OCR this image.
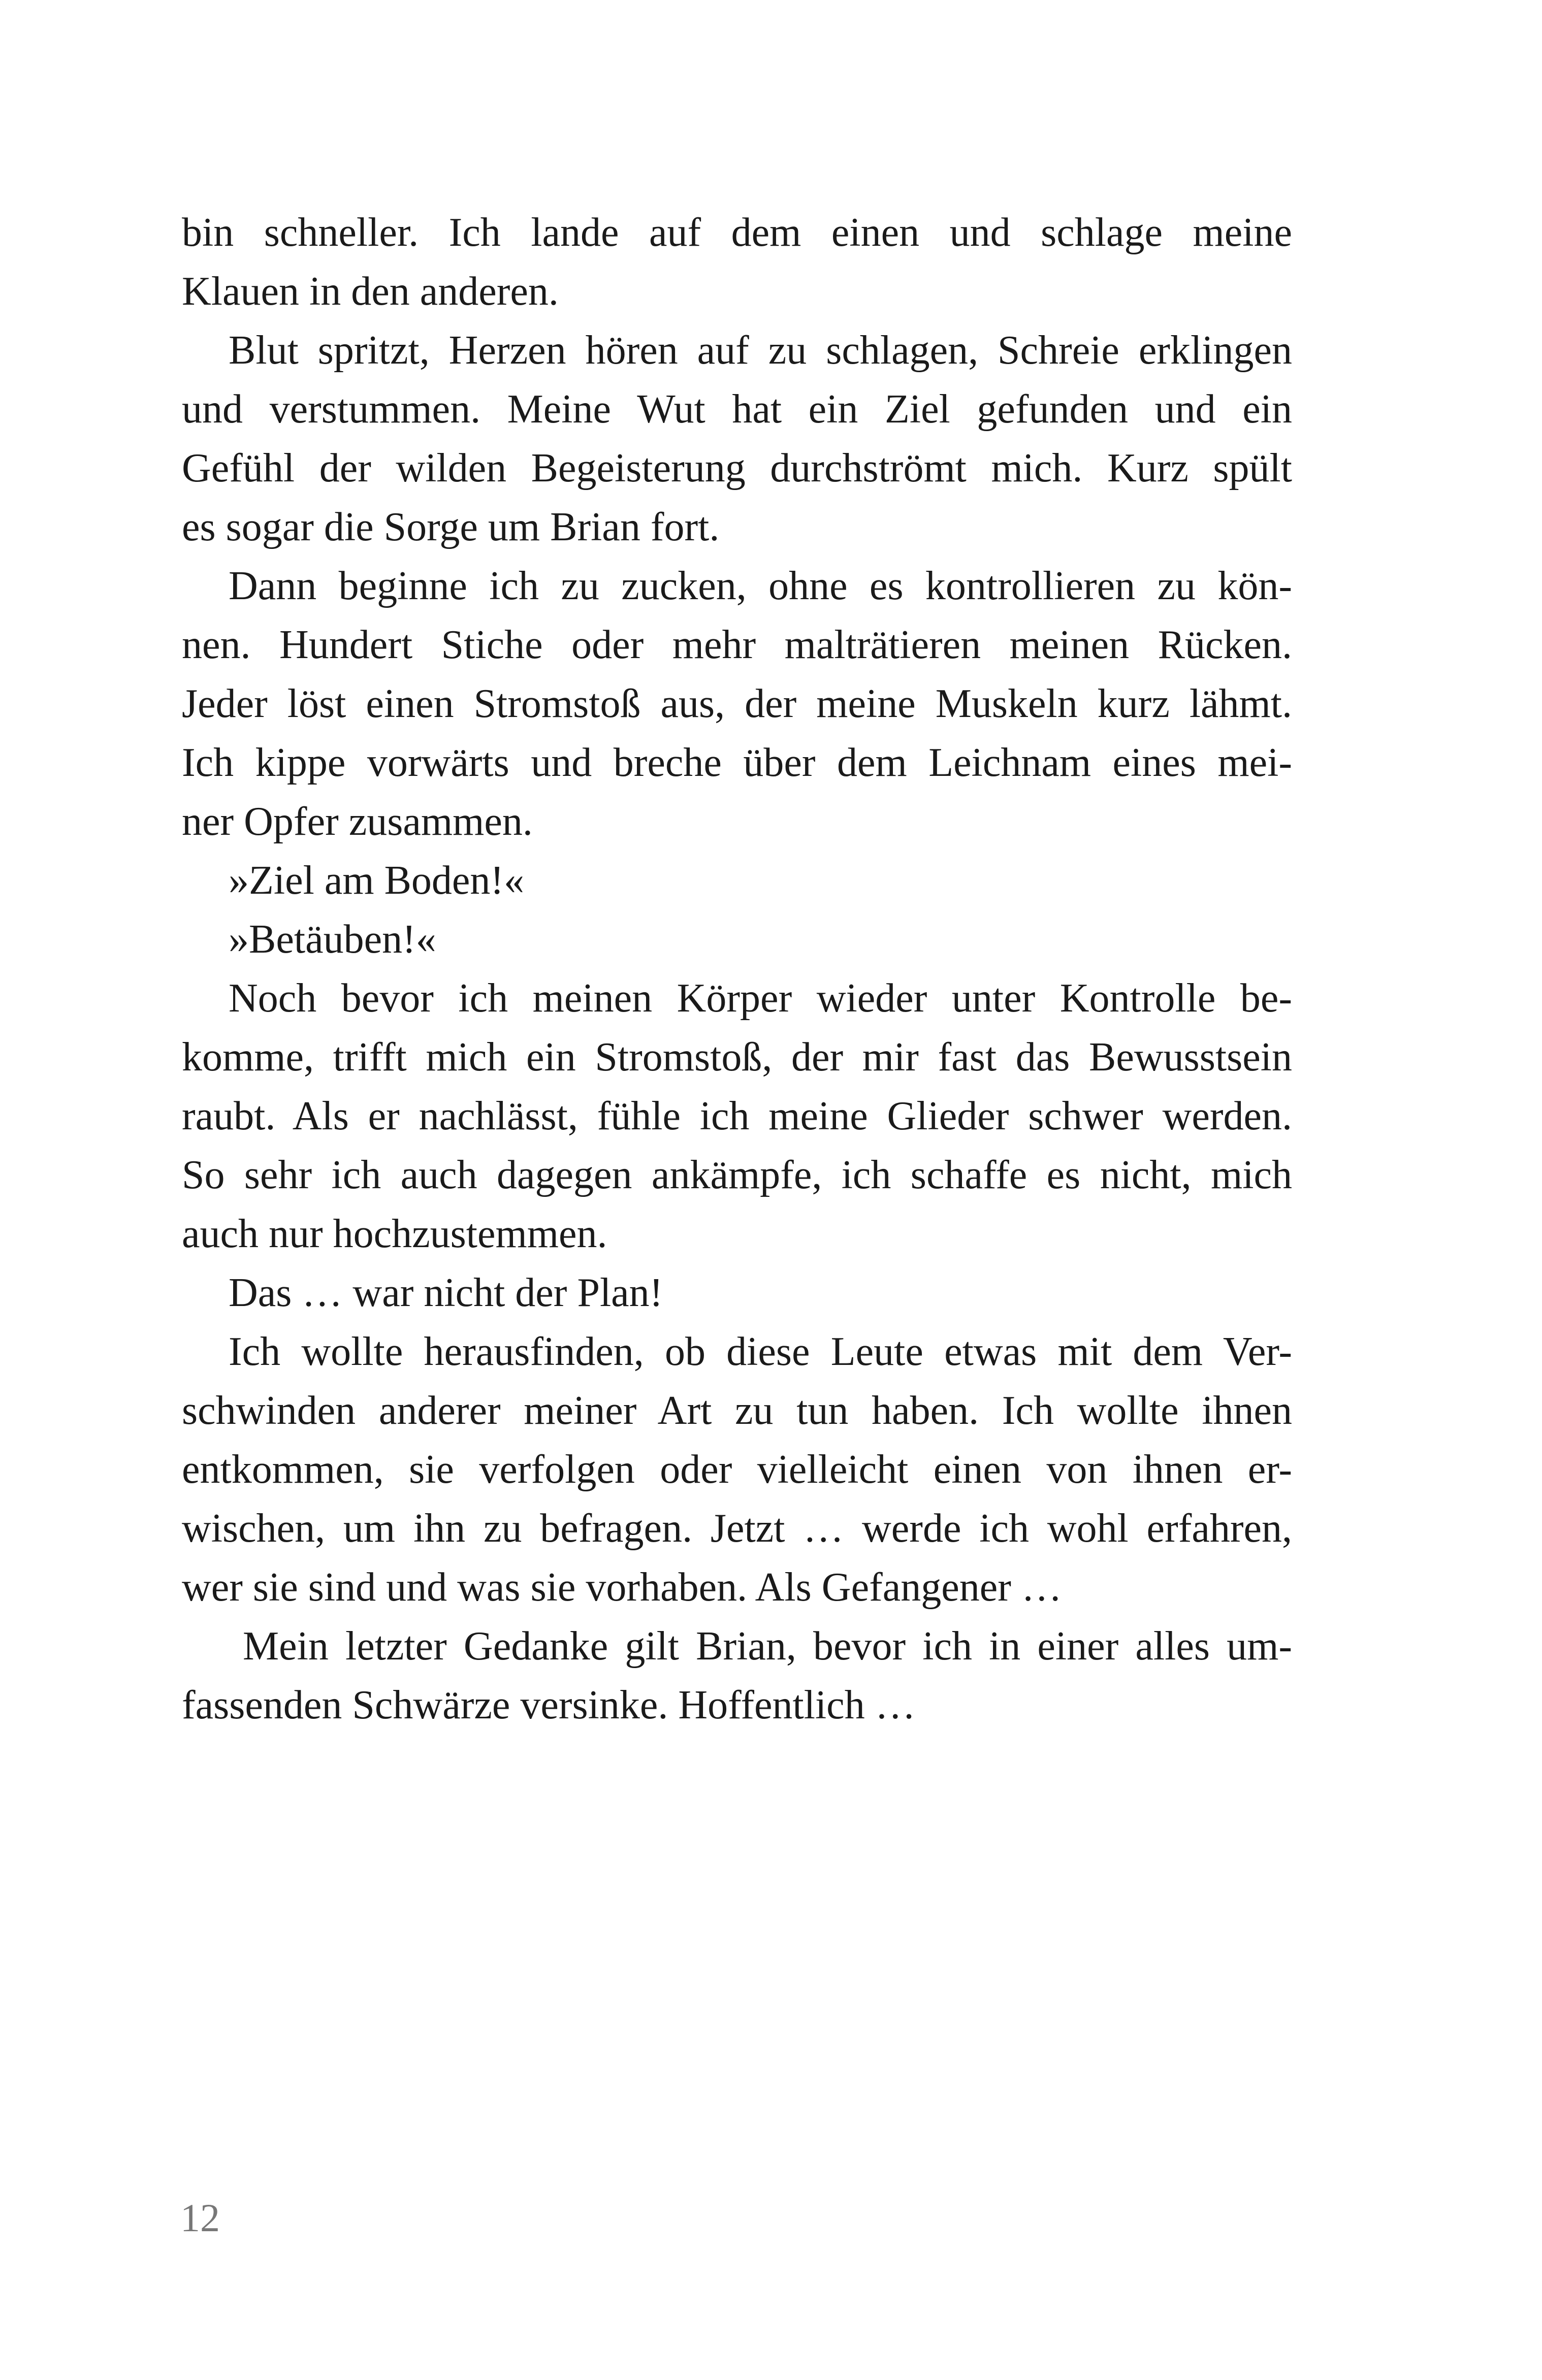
bin schneller. Ich lande auf dem einen und schlage meine
Klauen in den anderen.
Blut spritzt, Herzen hören auf zu schlagen, Schreie erklingen
und verstummen. Meine Wut hat ein Ziel gefunden und ein
Gefühl der wilden Begeisterung durchströmt mich. Kurz spült
es sogar die Sorge um Brian fort.
Dann beginne ich zu zucken, ohne es kontrollieren zu kön-
nen. Hundert Stiche oder mehr malträtieren meinen Rücken.
Jeder löst einen Stromstoß aus, der meine Muskeln kurz lähmt.
Ich kippe vorwärts und breche über dem Leichnam eines mei-
ner Opfer zusammen.
»Ziel am Boden!«
»Betäuben!«
Noch bevor ich meinen Körper wieder unter Kontrolle be-
komme, trifft mich ein Stromstoß, der mir fast das Bewusstsein
raubt. Als er nachlässt, fühle ich meine Glieder schwer werden.
So sehr ich auch dagegen ankämpfe, ich schaffe es nicht, mich
auch nur hochzustemmen.
Das … war nicht der Plan!
Ich wollte herausfinden, ob diese Leute etwas mit dem Ver-
schwinden anderer meiner Art zu tun haben. Ich wollte ihnen
entkommen, sie verfolgen oder vielleicht einen von ihnen er-
wischen, um ihn zu befragen. Jetzt … werde ich wohl erfahren,
wer sie sind und was sie vorhaben. Als Gefangener …
Mein letzter Gedanke gilt Brian, bevor ich in einer alles um-
fassenden Schwärze versinke. Hoffentlich …
12
